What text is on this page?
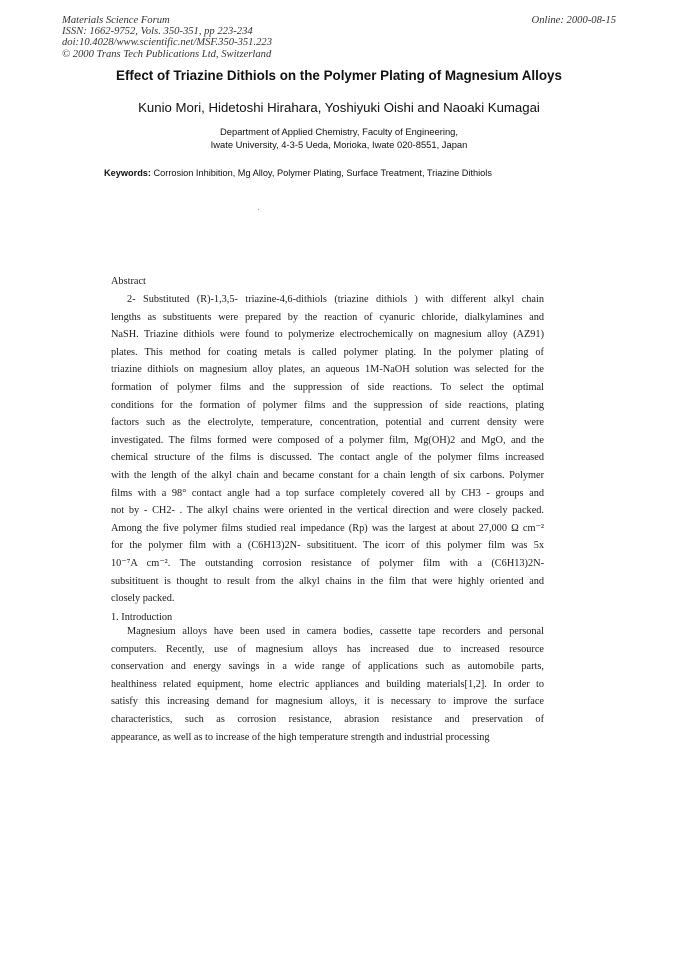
Materials Science Forum
ISSN: 1662-9752, Vols. 350-351, pp 223-234
doi:10.4028/www.scientific.net/MSF.350-351.223
© 2000 Trans Tech Publications Ltd, Switzerland
Online: 2000-08-15
Effect of Triazine Dithiols on the Polymer Plating of Magnesium Alloys
Kunio Mori, Hidetoshi Hirahara, Yoshiyuki Oishi and Naoaki Kumagai
Department of Applied Chemistry, Faculty of Engineering,
Iwate University, 4-3-5 Ueda, Morioka, Iwate 020-8551, Japan
Keywords: Corrosion Inhibition, Mg Alloy, Polymer Plating, Surface Treatment, Triazine Dithiols
Abstract
2- Substituted (R)-1,3,5- triazine-4,6-dithiols (triazine dithiols ) with different alkyl chain
lengths as substituents were prepared by the reaction of cyanuric chloride, dialkylamines and
NaSH. Triazine dithiols were found to polymerize electrochemically on magnesium alloy (AZ91)
plates. This method for coating metals is called polymer plating. In the polymer plating of
triazine dithiols on magnesium alloy plates, an aqueous 1M-NaOH solution was selected for the
formation of polymer films and the suppression of side reactions. To select the optimal
conditions for the formation of polymer films and the suppression of side reactions, plating
factors such as the electrolyte, temperature, concentration, potential and current density were
investigated. The films formed were composed of a polymer film, Mg(OH)2 and MgO, and the
chemical structure of the films is discussed. The contact angle of the polymer films increased
with the length of the alkyl chain and became constant for a chain length of six carbons. Polymer
films with a 98° contact angle had a top surface completely covered all by CH3 - groups and
not by - CH2- . The alkyl chains were oriented in the vertical direction and were closely packed.
Among the five polymer films studied real impedance (Rp) was the largest at about 27,000 Ω cm⁻²
for the polymer film with a (C6H13)2N- subsitituent. The icorr of this polymer film was 5x
10⁻⁷A cm⁻². The outstanding corrosion resistance of polymer film with a (C6H13)2N-
subsitituent is thought to result from the alkyl chains in the film that were highly oriented and
closely packed.
1. Introduction
Magnesium alloys have been used in camera bodies, cassette tape recorders and personal
computers. Recently, use of magnesium alloys has increased due to increased resource
conservation and energy savings in a wide range of applications such as automobile parts,
healthiness related equipment, home electric appliances and building materials[1,2]. In order to
satisfy this increasing demand for magnesium alloys, it is necessary to improve the surface
characteristics, such as corrosion resistance, abrasion resistance and preservation of
appearance, as well as to increase of the high temperature strength and industrial processing
